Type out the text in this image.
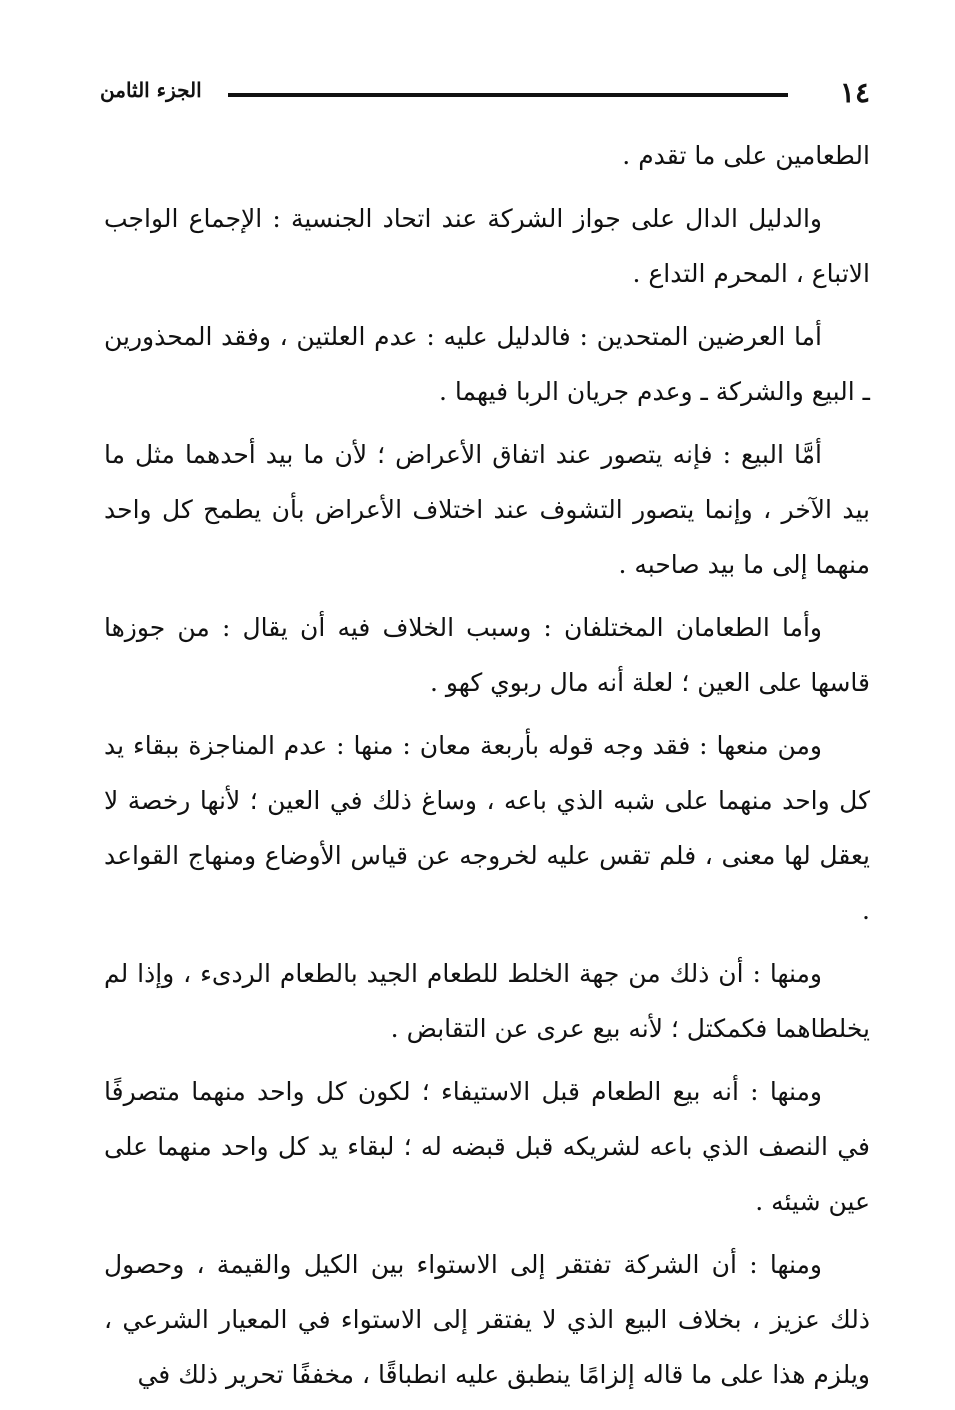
١٤
الجزء الثامن

الطعامين على ما تقدم .

والدليل الدال على جواز الشركة عند اتحاد الجنسية : الإجماع الواجب الاتباع ، المحرم التداع .

أما العرضين المتحدين : فالدليل عليه : عدم العلتين ، وفقد المحذورين ـ البيع والشركة ـ وعدم جريان الربا فيهما .

أمَّا البيع : فإنه يتصور عند اتفاق الأعراض ؛ لأن ما بيد أحدهما مثل ما بيد الآخر ، وإنما يتصور التشوف عند اختلاف الأعراض بأن يطمح كل واحد منهما إلى ما بيد صاحبه .

وأما الطعامان المختلفان : وسبب الخلاف فيه أن يقال : من جوزها قاسها على العين ؛ لعلة أنه مال ربوي كهو .

ومن منعها : فقد وجه قوله بأربعة معان : منها : عدم المناجزة ببقاء يد كل واحد منهما على شبه الذي باعه ، وساغ ذلك في العين ؛ لأنها رخصة لا يعقل لها معنى ، فلم تقس عليه لخروجه عن قياس الأوضاع ومنهاج القواعد .

ومنها : أن ذلك من جهة الخلط للطعام الجيد بالطعام الردىء ، وإذا لم يخلطاهما فكمكتل ؛ لأنه بيع عرى عن التقابض .

ومنها : أنه بيع الطعام قبل الاستيفاء ؛ لكون كل واحد منهما متصرفًا في النصف الذي باعه لشريكه قبل قبضه له ؛ لبقاء يد كل واحد منهما على عين شيئه .

ومنها : أن الشركة تفتقر إلى الاستواء بين الكيل والقيمة ، وحصول ذلك عزيز ، بخلاف البيع الذي لا يفتقر إلى الاستواء في المعيار الشرعي ، ويلزم هذا على ما قاله إلزامًا ينطبق عليه انطباقًا ، مخففًا تحرير ذلك في
